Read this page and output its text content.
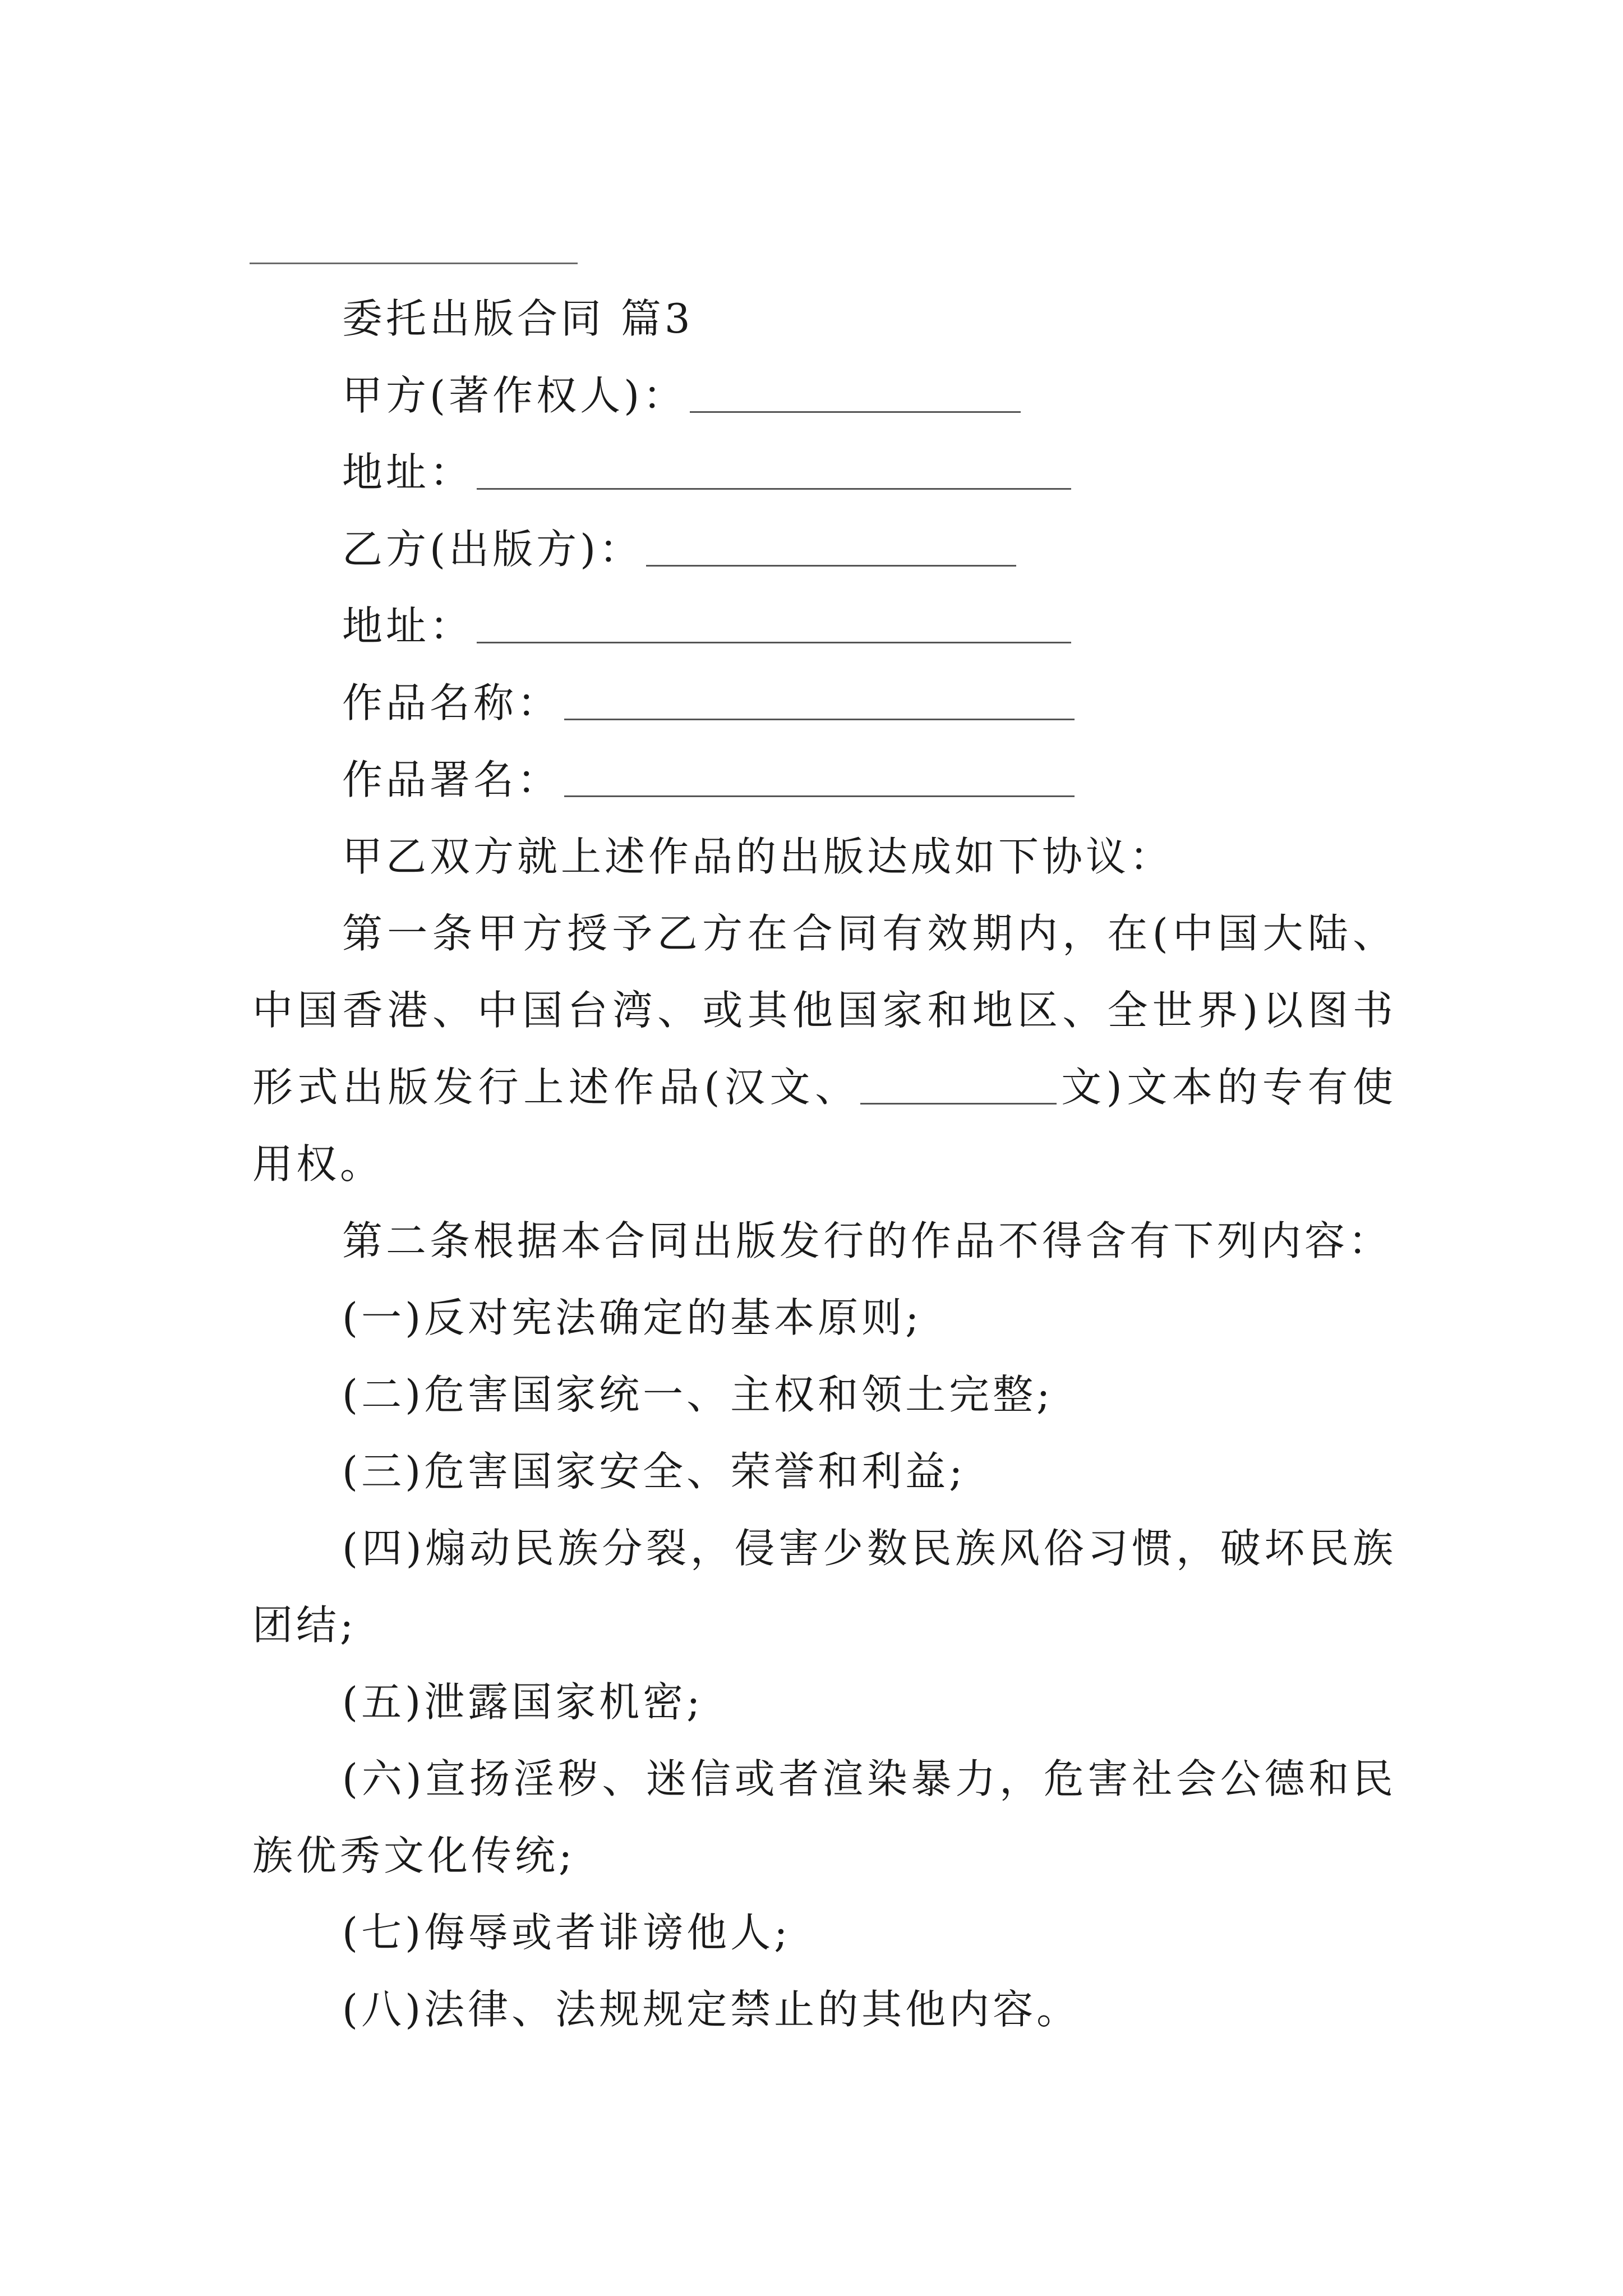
委托出版合同 篇3
甲方(著作权人)：
地址：
乙方(出版方)：
地址：
作品名称：
作品署名：
甲乙双方就上述作品的出版达成如下协议：
第一条甲方授予乙方在合同有效期内，在(中国大陆、中国香港、中国台湾、或其他国家和地区、全世界)以图书形式出版发行上述作品(汉文、	文)文本的专有使用权。
第二条根据本合同出版发行的作品不得含有下列内容：
(一)反对宪法确定的基本原则;
(二)危害国家统一、主权和领土完整;
(三)危害国家安全、荣誉和利益;
(四)煽动民族分裂，侵害少数民族风俗习惯，破坏民族团结;
(五)泄露国家机密;
(六)宣扬淫秽、迷信或者渲染暴力，危害社会公德和民族优秀文化传统;
(七)侮辱或者诽谤他人;
(八)法律、法规规定禁止的其他内容。
